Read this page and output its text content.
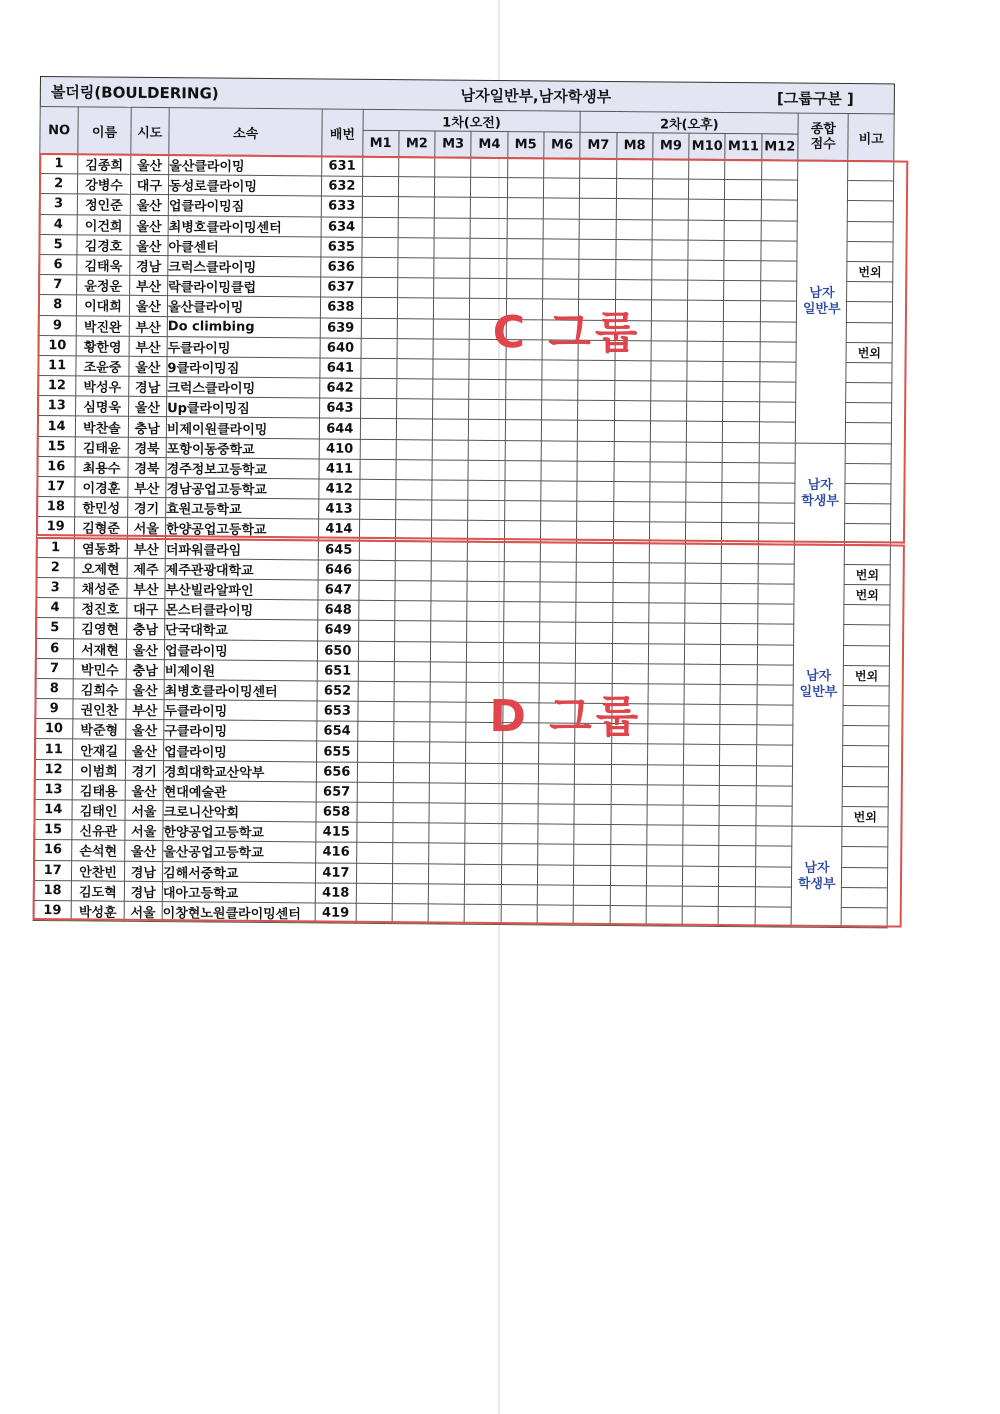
볼더링(BOULDERING)	남자일반부,남자학생부	[그룹구분 ]
NO	이름	시도	소속	배번	1차(오전)						2차(오후)						종합
점수	비고
					M1	M2	M3	M4	M5	M6	M7	M8	M9	M10	M11	M12		
1	김종희	울산	울산클라이밍	631													남자
일반부	

2	강병수	대구	동성로클라이밍	632														
3	정인준	울산	업클라이밍짐	633														
4	이건희	울산	최병호클라이밍센터	634														
5	김경호	울산	아클센터	635														
6	김태욱	경남	크럭스클라이밍	636														번외
7	윤정운	부산	락클라이밍클럽	637														
8	이대희	울산	울산클라이밍	638														
9	박진완	부산	Do climbing	639														
10	황한영	부산	두클라이밍	640														번외
11	조윤중	울산	9클라이밍짐	641														
12	박성우	경남	크럭스클라이밍	642														
13	심명욱	울산	Up클라이밍짐	643														
14	박찬솔	충남	비제이원클라이밍	644														
15	김태윤	경북	포항이동중학교	410													남자
학생부	

16	최용수	경북	경주정보고등학교	411														
17	이경훈	부산	경남공업고등학교	412														
18	한민성	경기	효원고등학교	413														
19	김형준	서울	한양공업고등학교	414														
1	염동화	부산	더파워클라임	645													남자
일반부	

2	오제현	제주	제주관광대학교	646														번외
3	채성준	부산	부산빌라알파인	647														번외
4	정진호	대구	몬스터클라이밍	648														
5	김영현	충남	단국대학교	649														
6	서재현	울산	업클라이밍	650														
7	박민수	충남	비제이원	651														번외
8	김희수	울산	최병호클라이밍센터	652														
9	권인찬	부산	두클라이밍	653														
10	박준형	울산	구클라이밍	654														
11	안재길	울산	업클라이밍	655														
12	이범희	경기	경희대학교산악부	656														
13	김태용	울산	현대예술관	657														
14	김태인	서울	크로니산악회	658														번외
15	신유관	서울	한양공업고등학교	415													남자
학생부	

16	손석현	울산	울산공업고등학교	416														
17	안찬빈	경남	김해서중학교	417														
18	김도혁	경남	대아고등학교	418														
19	박성훈	서울	이창현노원클라이밍센터	419														
C 그룹
D 그룹
